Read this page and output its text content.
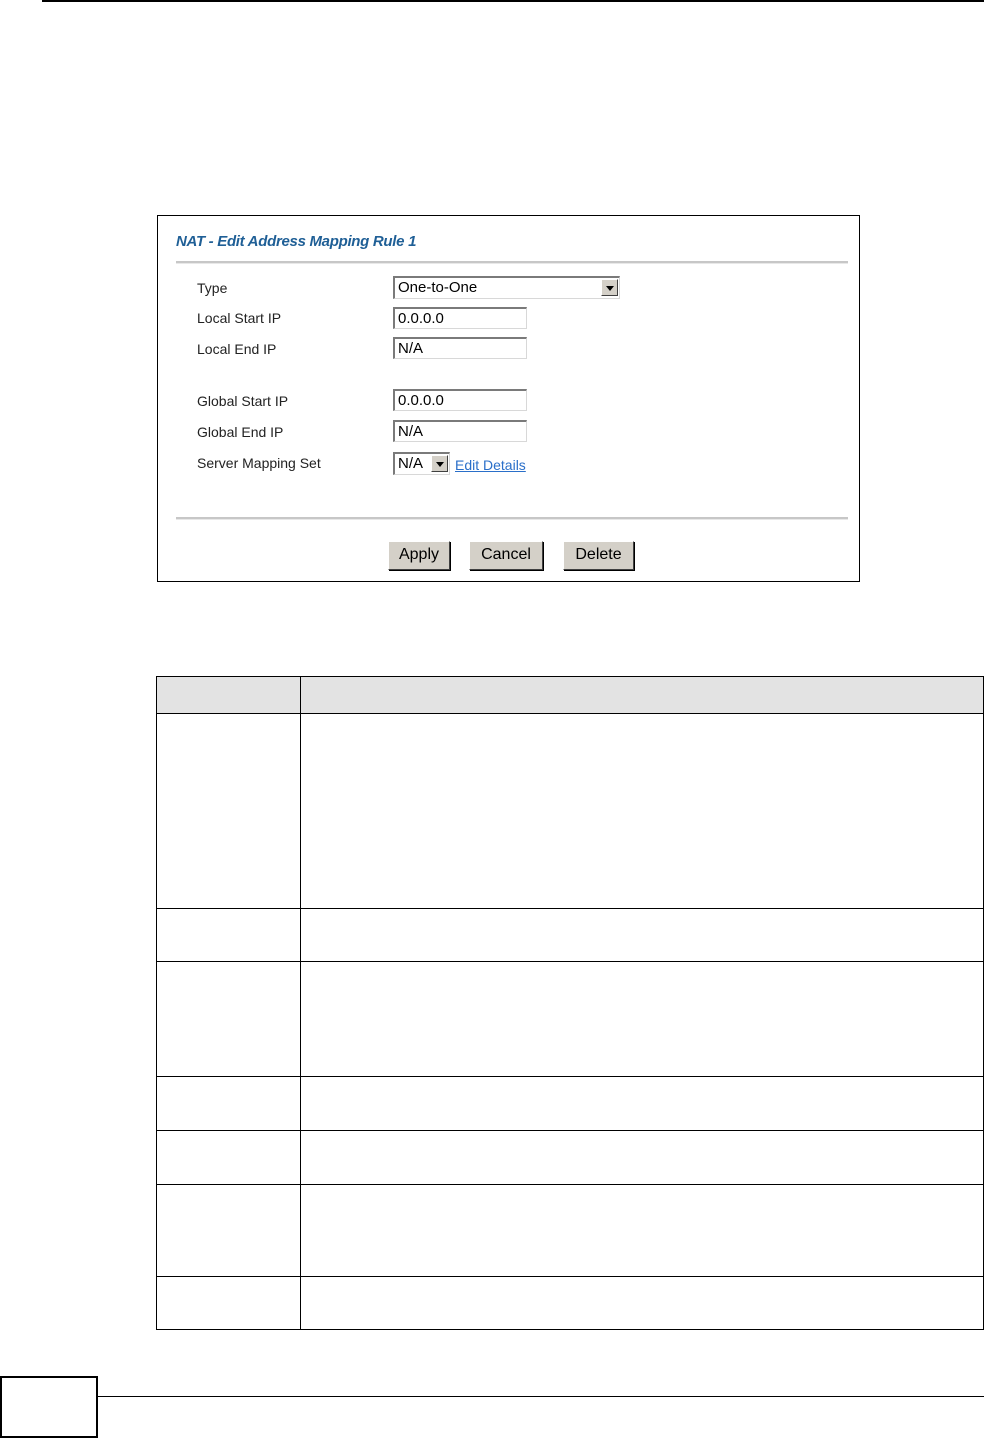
NAT - Edit Address Mapping Rule 1
Type	One-to-One
Local Start IP	0.0.0.0
Local End IP	N/A
Global Start IP	0.0.0.0
Global End IP	N/A
Server Mapping Set	N/A	Edit Details
Apply	Cancel	Delete
